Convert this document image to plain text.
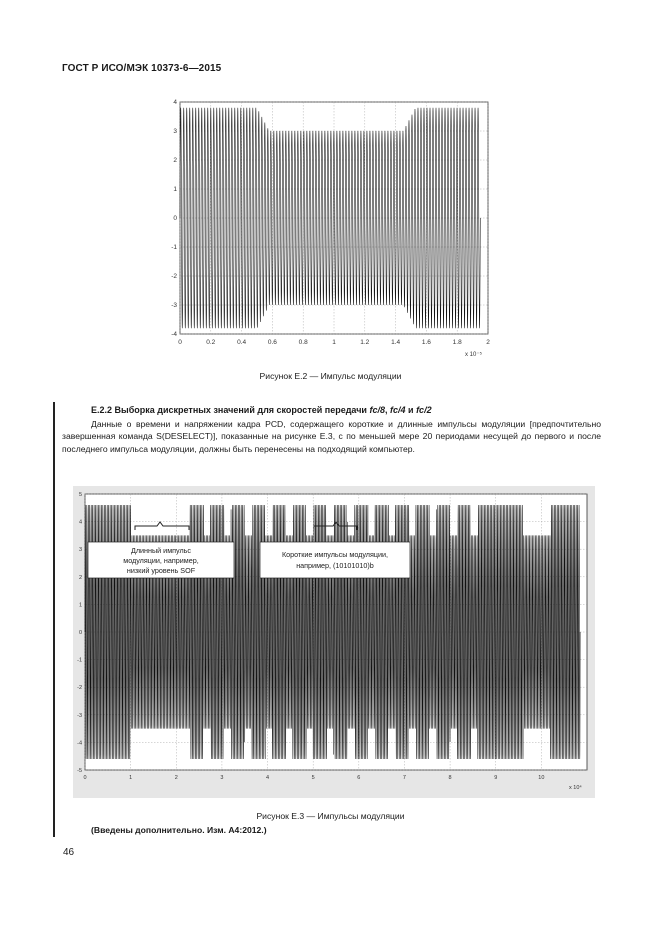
ГОСТ Р ИСО/МЭК 10373-6—2015
0	0.2	0.4	0.6	0.8	1	1.2	1.4	1.6	1.8	2
4
3
2
1
0
-1
-2
-3
-4
x 10⁻⁵
Рисунок Е.2 — Импульс модуляции
Е.2.2 Выборка дискретных значений для скоростей передачи fc/8, fc/4 и fc/2
Данные о времени и напряжении кадра PCD, содержащего короткие и длинные импульсы модуляции [предпочтительно завершенная команда S(DESELECT)], показанные на рисунке Е.3, с по меньшей мере 20 периодами несущей до первого и после последнего импульса модуляции, должны быть перенесены на подходящий компьютер.
0	1	2	3	4	5	6	7	8	9	10
5
4
3
2
1
0
-1
-2
-3
-4
-5
x 10⁴
Длинный импульс
модуляции, например,
низкий уровень SOF
Короткие импульсы модуляции,
например, (10101010)b
Рисунок Е.3 — Импульсы модуляции
(Введены дополнительно. Изм. А4:2012.)
46
